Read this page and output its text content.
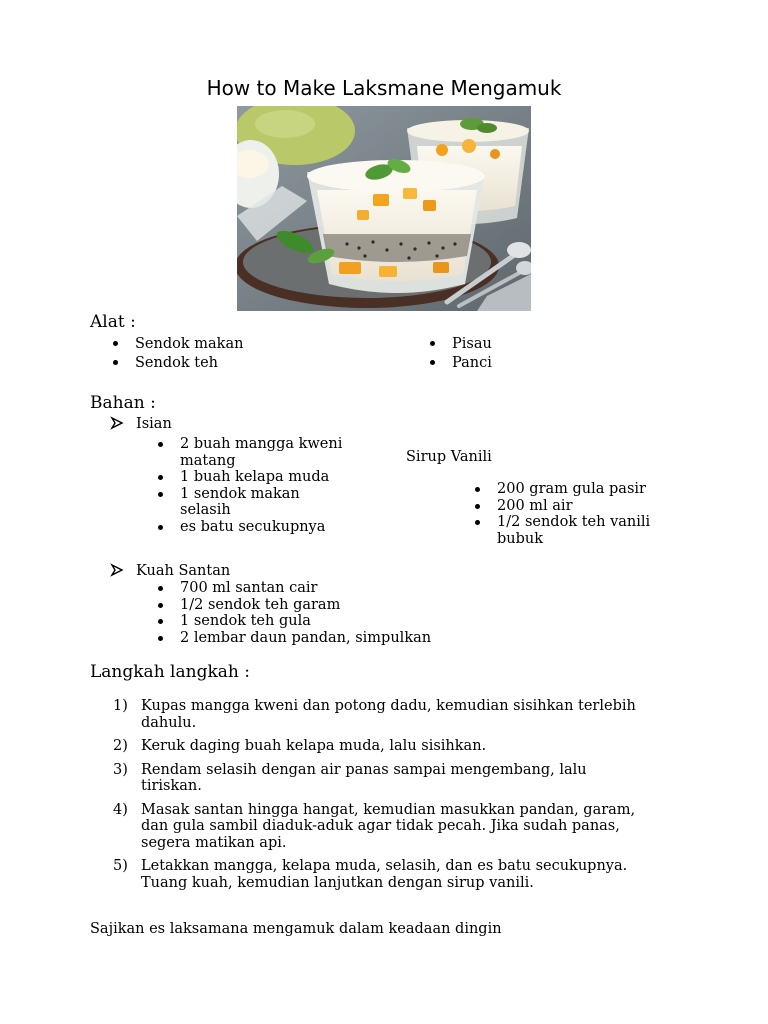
How to Make Laksmane Mengamuk
Alat :
Sendok makan
Sendok teh
Pisau
Panci
Bahan :
Isian
2 buah mangga kweni matang
1 buah kelapa muda
1 sendok makan selasih
es batu secukupnya
Sirup Vanili
200 gram gula pasir
200 ml air
1/2 sendok teh vanili bubuk
Kuah Santan
700 ml santan cair
1/2 sendok teh garam
1 sendok teh gula
2 lembar daun pandan, simpulkan
Langkah langkah :
1) Kupas mangga kweni dan potong dadu, kemudian sisihkan terlebih dahulu.
2) Keruk daging buah kelapa muda, lalu sisihkan.
3) Rendam selasih dengan air panas sampai mengembang, lalu tiriskan.
4) Masak santan hingga hangat, kemudian masukkan pandan, garam, dan gula sambil diaduk-aduk agar tidak pecah. Jika sudah panas, segera matikan api.
5) Letakkan mangga, kelapa muda, selasih, dan es batu secukupnya. Tuang kuah, kemudian lanjutkan dengan sirup vanili.
Sajikan es laksamana mengamuk dalam keadaan dingin
